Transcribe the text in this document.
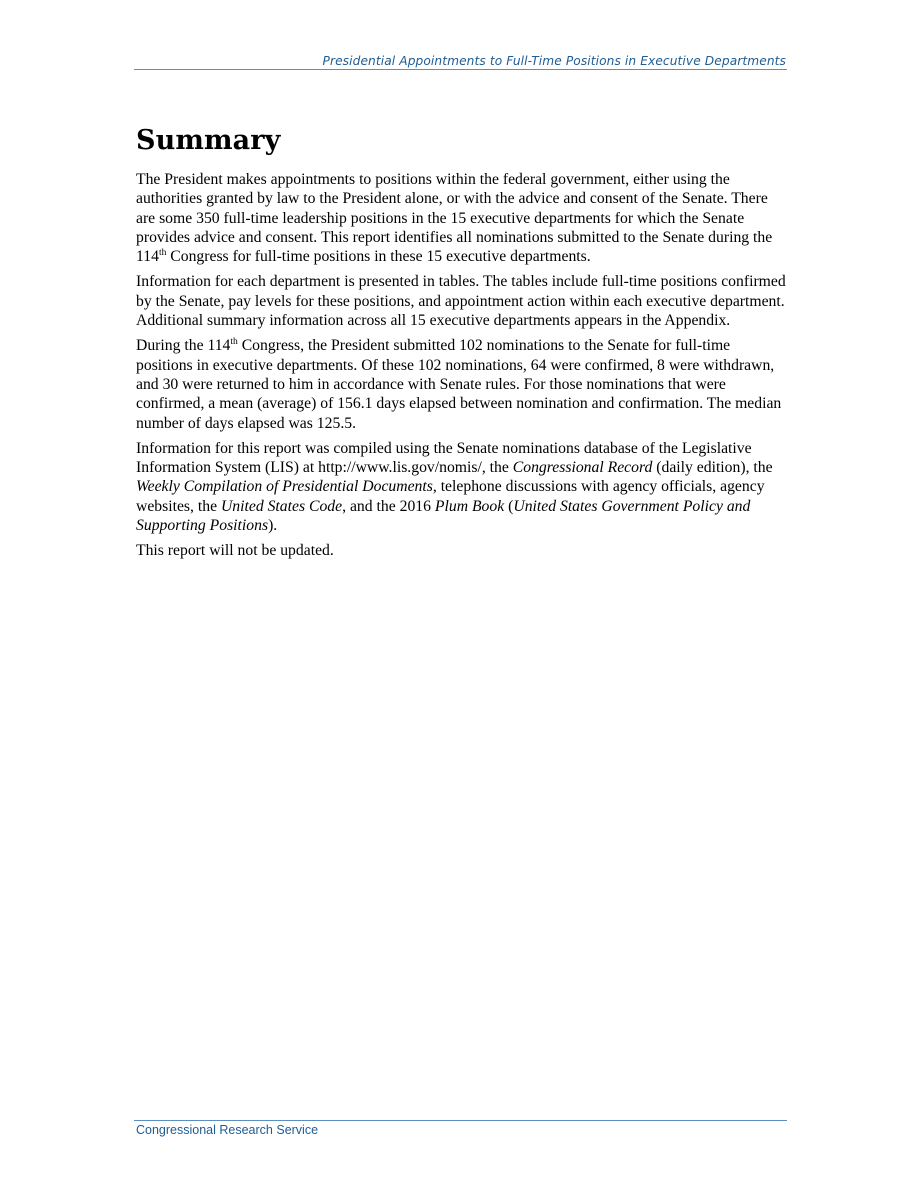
Presidential Appointments to Full-Time Positions in Executive Departments
Summary

The President makes appointments to positions within the federal government, either using the authorities granted by law to the President alone, or with the advice and consent of the Senate. There are some 350 full-time leadership positions in the 15 executive departments for which the Senate provides advice and consent. This report identifies all nominations submitted to the Senate during the 114th Congress for full-time positions in these 15 executive departments.

Information for each department is presented in tables. The tables include full-time positions confirmed by the Senate, pay levels for these positions, and appointment action within each executive department. Additional summary information across all 15 executive departments appears in the Appendix.

During the 114th Congress, the President submitted 102 nominations to the Senate for full-time positions in executive departments. Of these 102 nominations, 64 were confirmed, 8 were withdrawn, and 30 were returned to him in accordance with Senate rules. For those nominations that were confirmed, a mean (average) of 156.1 days elapsed between nomination and confirmation. The median number of days elapsed was 125.5.

Information for this report was compiled using the Senate nominations database of the Legislative Information System (LIS) at http://www.lis.gov/nomis/, the Congressional Record (daily edition), the Weekly Compilation of Presidential Documents, telephone discussions with agency officials, agency websites, the United States Code, and the 2016 Plum Book (United States Government Policy and Supporting Positions).

This report will not be updated.

Congressional Research Service
